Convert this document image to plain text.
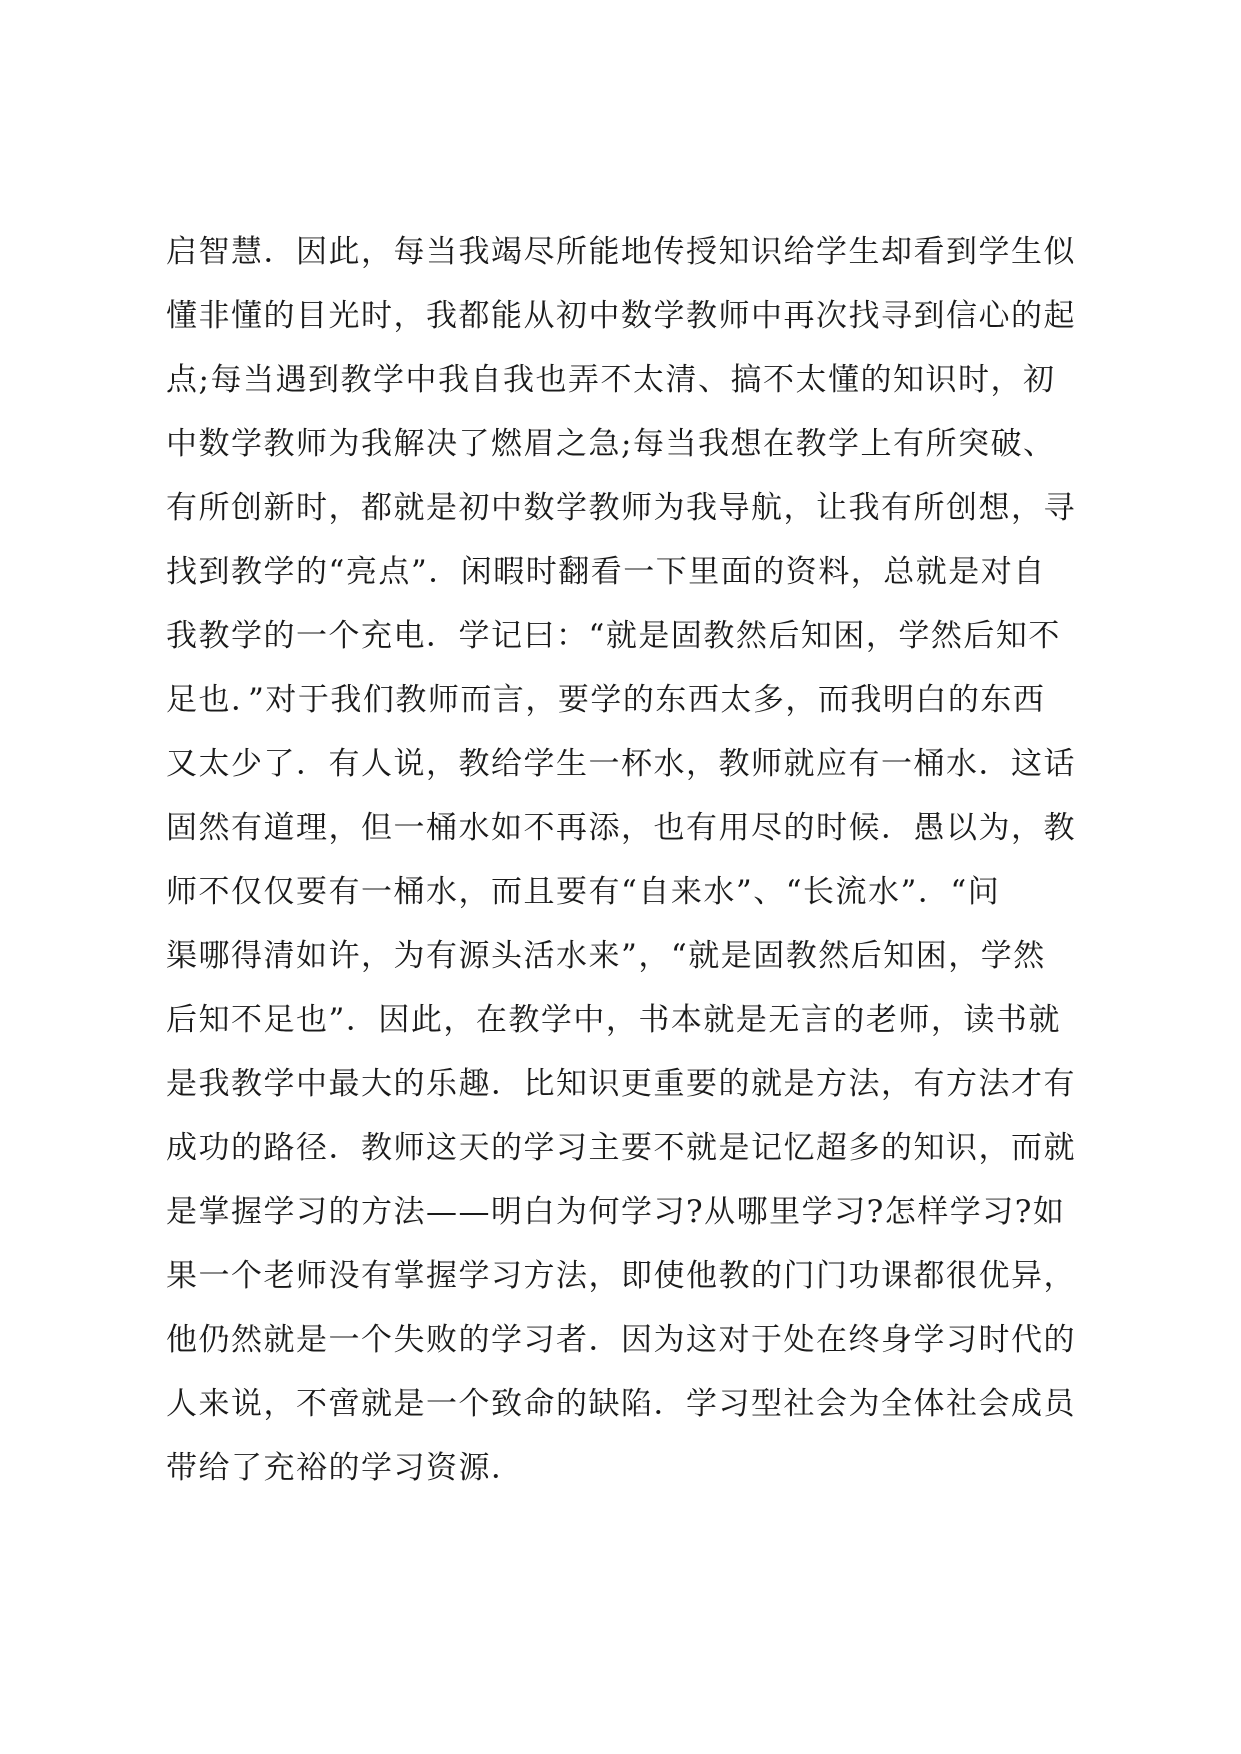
启智慧．因此，每当我竭尽所能地传授知识给学生却看到学生似
懂非懂的目光时，我都能从初中数学教师中再次找寻到信心的起
点;每当遇到教学中我自我也弄不太清、搞不太懂的知识时，初
中数学教师为我解决了燃眉之急;每当我想在教学上有所突破、
有所创新时，都就是初中数学教师为我导航，让我有所创想，寻
找到教学的“亮点”．闲暇时翻看一下里面的资料，总就是对自
我教学的一个充电．学记曰：“就是固教然后知困，学然后知不
足也．”对于我们教师而言，要学的东西太多，而我明白的东西
又太少了．有人说，教给学生一杯水，教师就应有一桶水．这话
固然有道理，但一桶水如不再添，也有用尽的时候．愚以为，教
师不仅仅要有一桶水，而且要有“自来水”、“长流水”．“问
渠哪得清如许，为有源头活水来”，“就是固教然后知困，学然
后知不足也”．因此，在教学中，书本就是无言的老师，读书就
是我教学中最大的乐趣．比知识更重要的就是方法，有方法才有
成功的路径．教师这天的学习主要不就是记忆超多的知识，而就
是掌握学习的方法——明白为何学习?从哪里学习?怎样学习?如
果一个老师没有掌握学习方法，即使他教的门门功课都很优异，
他仍然就是一个失败的学习者．因为这对于处在终身学习时代的
人来说，不啻就是一个致命的缺陷．学习型社会为全体社会成员
带给了充裕的学习资源．
